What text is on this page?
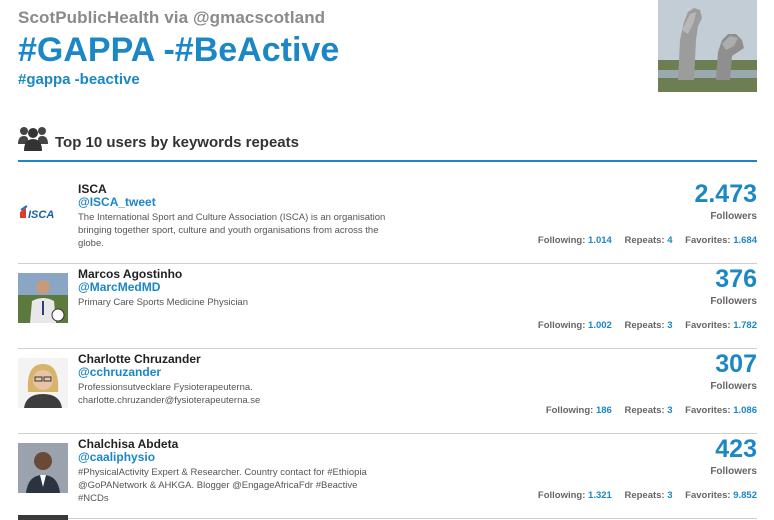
ScotPublicHealth via @gmacscotland
#GAPPA -#BeActive
#gappa -beactive
Top 10 users by keywords repeats
ISCA
ISCA
@ISCA_tweet
The International Sport and Culture Association (ISCA) is an organisation bringing together sport, culture and youth organisations from across the globe.
2.473
Followers
Following: 1.014 Repeats: 4 Favorites: 1.684
Marcos Agostinho
@MarcMedMD
Primary Care Sports Medicine Physician
376
Followers
Following: 1.002 Repeats: 3 Favorites: 1.782
Charlotte Chruzander
@cchruzander
Professionsutvecklare Fysioterapeuterna. charlotte.chruzander@fysioterapeuterna.se
307
Followers
Following: 186 Repeats: 3 Favorites: 1.086
Chalchisa Abdeta
@caaliphysio
#PhysicalActivity Expert & Researcher. Country contact for #Ethiopia @GoPANetwork & AHKGA. Blogger @EngageAfricaFdr #Beactive #NCDs
423
Followers
Following: 1.321 Repeats: 3 Favorites: 9.852
